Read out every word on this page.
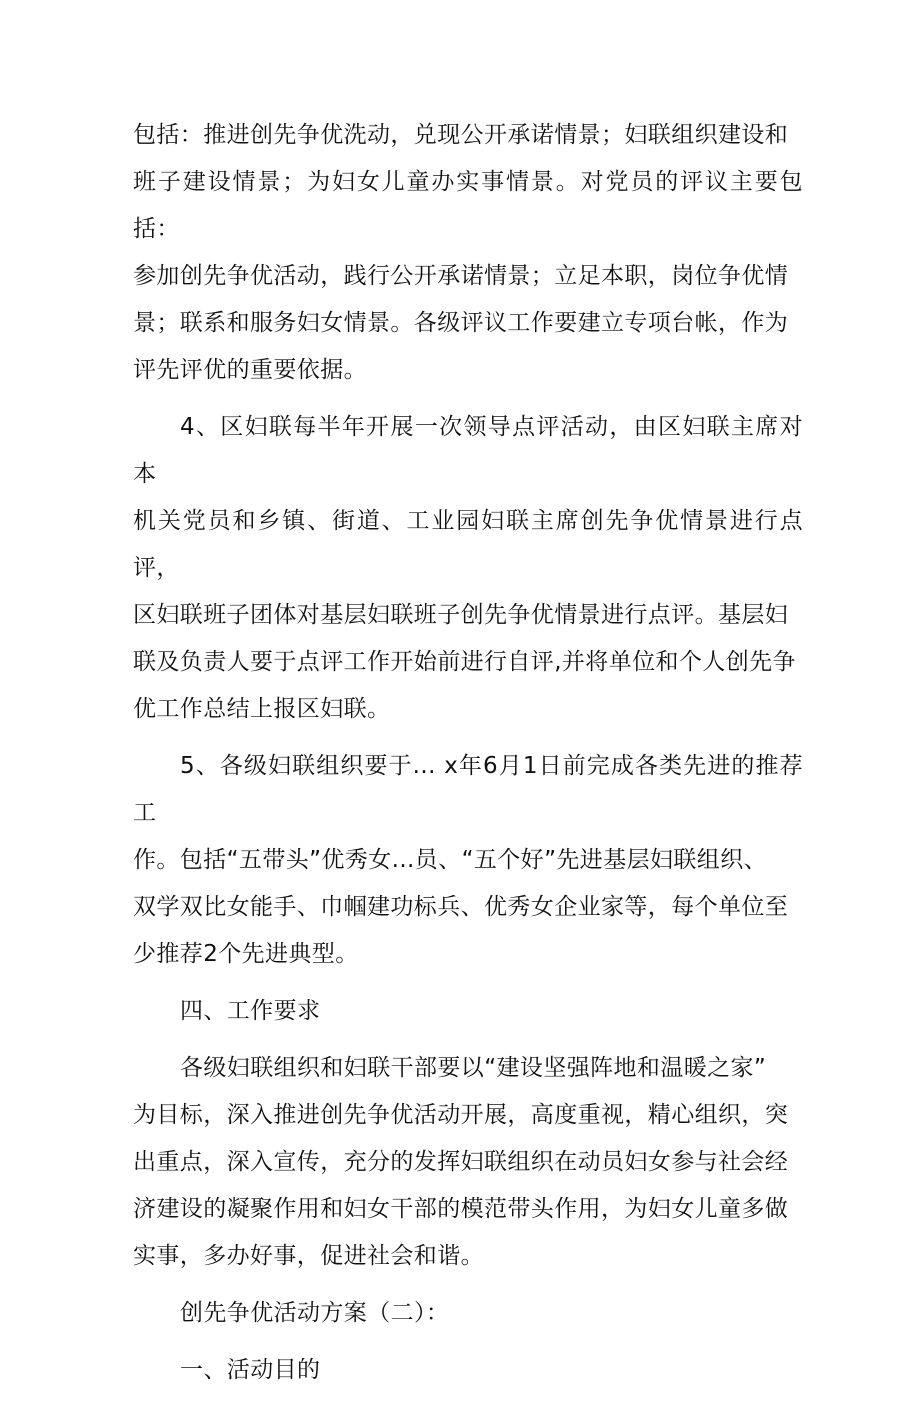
包括：推进创先争优洗动，兑现公开承诺情景；妇联组织建设和
班子建设情景；为妇女儿童办实事情景。对党员的评议主要包括：
参加创先争优活动，践行公开承诺情景；立足本职，岗位争优情
景；联系和服务妇女情景。各级评议工作要建立专项台帐，作为
评先评优的重要依据。

4、区妇联每半年开展一次领导点评活动，由区妇联主席对本
机关党员和乡镇、街道、工业园妇联主席创先争优情景进行点评，
区妇联班子团体对基层妇联班子创先争优情景进行点评。基层妇
联及负责人要于点评工作开始前进行自评,并将单位和个人创先争
优工作总结上报区妇联。

5、各级妇联组织要于... x年6月1日前完成各类先进的推荐工
作。包括“五带头”优秀女...员、“五个好”先进基层妇联组织、
双学双比女能手、巾帼建功标兵、优秀女企业家等，每个单位至
少推荐2个先进典型。

四、工作要求

各级妇联组织和妇联干部要以“建设坚强阵地和温暖之家”
为目标，深入推进创先争优活动开展，高度重视，精心组织，突
出重点，深入宣传，充分的发挥妇联组织在动员妇女参与社会经
济建设的凝聚作用和妇女干部的模范带头作用，为妇女儿童多做
实事，多办好事，促进社会和谐。

创先争优活动方案（二）：

一、活动目的
